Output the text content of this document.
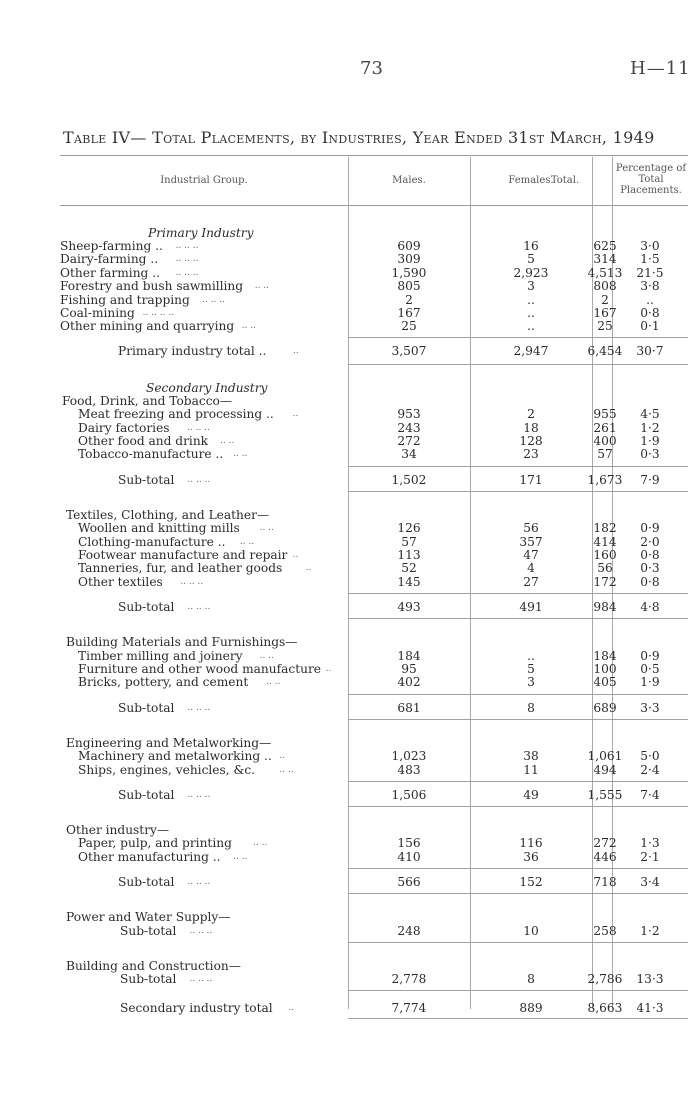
73	H—11
Table IV— Total Placements, by Industries, Year Ended 31st March, 1949
Industrial Group.	Males.	Females.
Total.
Percentage of Total Placements.
Primary Industry
Sheep-farming .. .. .. ..	609	16	625	3·0
Dairy-farming .. .. .. ..	309	5	314	1·5
Other farming .. .. .. ..	1,590	2,923	4,513	21·5
Forestry and bush sawmilling .. ..	805	3	808	3·8
Fishing and trapping .. .. ..	2	..	2	..
Coal-mining .. .. .. ..	167	..	167	0·8
Other mining and quarrying .. ..	25	..	25	0·1
Primary industry total ..	..	3,507	2,947	6,454	30·7
Secondary Industry
Food, Drink, and Tobacco—
Meat freezing and processing .. ..	953	2	955	4·5
Dairy factories .. .. ..	243	18	261	1·2
Other food and drink .. ..	272	128	400	1·9
Tobacco-manufacture .. .. ..	34	23	57	0·3
Sub-total .. .. ..	1,502	171	1,673	7·9
Textiles, Clothing, and Leather—
Woollen and knitting mills .. ..	126	56	182	0·9
Clothing-manufacture .. .. ..	57	357	414	2·0
Footwear manufacture and repair ..	113	47	160	0·8
Tanneries, fur, and leather goods	..	52	4	56	0·3
Other textiles .. .. ..	145	27	172	0·8
Sub-total .. .. ..	493	491	984	4·8
Building Materials and Furnishings—
Timber milling and joinery .. ..	184	..	184	0·9
Furniture and other wood manufacture ..	95	5	100	0·5
Bricks, pottery, and cement .. ..	402	3	405	1·9
Sub-total .. .. ..	681	8	689	3·3
Engineering and Metalworking—
Machinery and metalworking .. ..	1,023	38	1,061	5·0
Ships, engines, vehicles, &c.	.. ..	483	11	494	2·4
Sub-total .. .. ..	1,506	49	1,555	7·4
Other industry—
Paper, pulp, and printing .. ..	156	116	272	1·3
Other manufacturing .. .. ..	410	36	446	2·1
Sub-total .. .. ..	566	152	718	3·4
Power and Water Supply—
Sub-total .. .. ..	248	10	258	1·2
Building and Construction—
Sub-total .. .. ..	2,778	8	2,786	13·3
Secondary industry total ..	7,774	889	8,663	41·3
